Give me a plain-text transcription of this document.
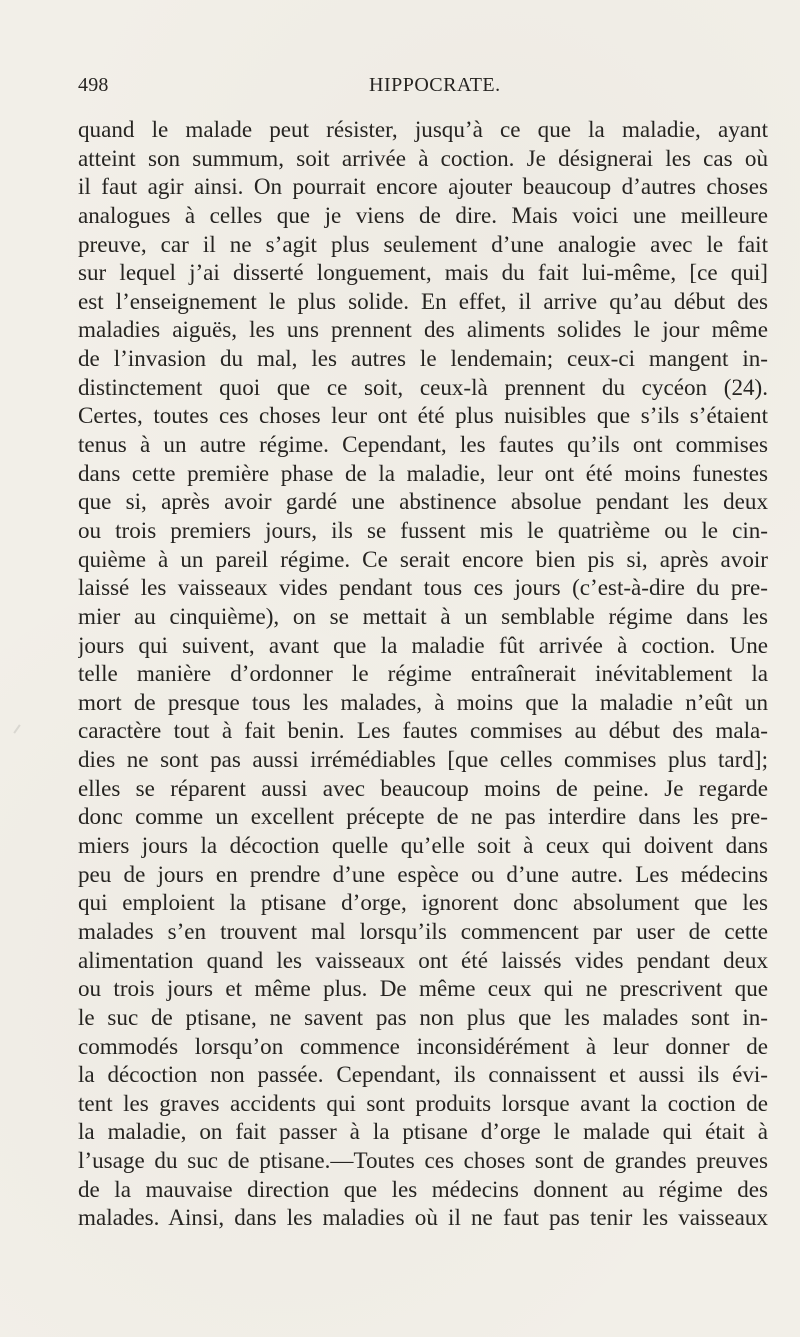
498	HIPPOCRATE.
quand le malade peut résister, jusqu’à ce que la maladie, ayant
atteint son summum, soit arrivée à coction. Je désignerai les cas où
il faut agir ainsi. On pourrait encore ajouter beaucoup d’autres choses
analogues à celles que je viens de dire. Mais voici une meilleure
preuve, car il ne s’agit plus seulement d’une analogie avec le fait
sur lequel j’ai disserté longuement, mais du fait lui-même, [ce qui]
est l’enseignement le plus solide. En effet, il arrive qu’au début des
maladies aiguës, les uns prennent des aliments solides le jour même
de l’invasion du mal, les autres le lendemain; ceux-ci mangent in-
distinctement quoi que ce soit, ceux-là prennent du cycéon (24).
Certes, toutes ces choses leur ont été plus nuisibles que s’ils s’étaient
tenus à un autre régime. Cependant, les fautes qu’ils ont commises
dans cette première phase de la maladie, leur ont été moins funestes
que si, après avoir gardé une abstinence absolue pendant les deux
ou trois premiers jours, ils se fussent mis le quatrième ou le cin-
quième à un pareil régime. Ce serait encore bien pis si, après avoir
laissé les vaisseaux vides pendant tous ces jours (c’est-à-dire du pre-
mier au cinquième), on se mettait à un semblable régime dans les
jours qui suivent, avant que la maladie fût arrivée à coction. Une
telle manière d’ordonner le régime entraînerait inévitablement la
mort de presque tous les malades, à moins que la maladie n’eût un
caractère tout à fait benin. Les fautes commises au début des mala-
dies ne sont pas aussi irrémédiables [que celles commises plus tard];
elles se réparent aussi avec beaucoup moins de peine. Je regarde
donc comme un excellent précepte de ne pas interdire dans les pre-
miers jours la décoction quelle qu’elle soit à ceux qui doivent dans
peu de jours en prendre d’une espèce ou d’une autre. Les médecins
qui emploient la ptisane d’orge, ignorent donc absolument que les
malades s’en trouvent mal lorsqu’ils commencent par user de cette
alimentation quand les vaisseaux ont été laissés vides pendant deux
ou trois jours et même plus. De même ceux qui ne prescrivent que
le suc de ptisane, ne savent pas non plus que les malades sont in-
commodés lorsqu’on commence inconsidérément à leur donner de
la décoction non passée. Cependant, ils connaissent et aussi ils évi-
tent les graves accidents qui sont produits lorsque avant la coction de
la maladie, on fait passer à la ptisane d’orge le malade qui était à
l’usage du suc de ptisane.—Toutes ces choses sont de grandes preuves
de la mauvaise direction que les médecins donnent au régime des
malades. Ainsi, dans les maladies où il ne faut pas tenir les vaisseaux
